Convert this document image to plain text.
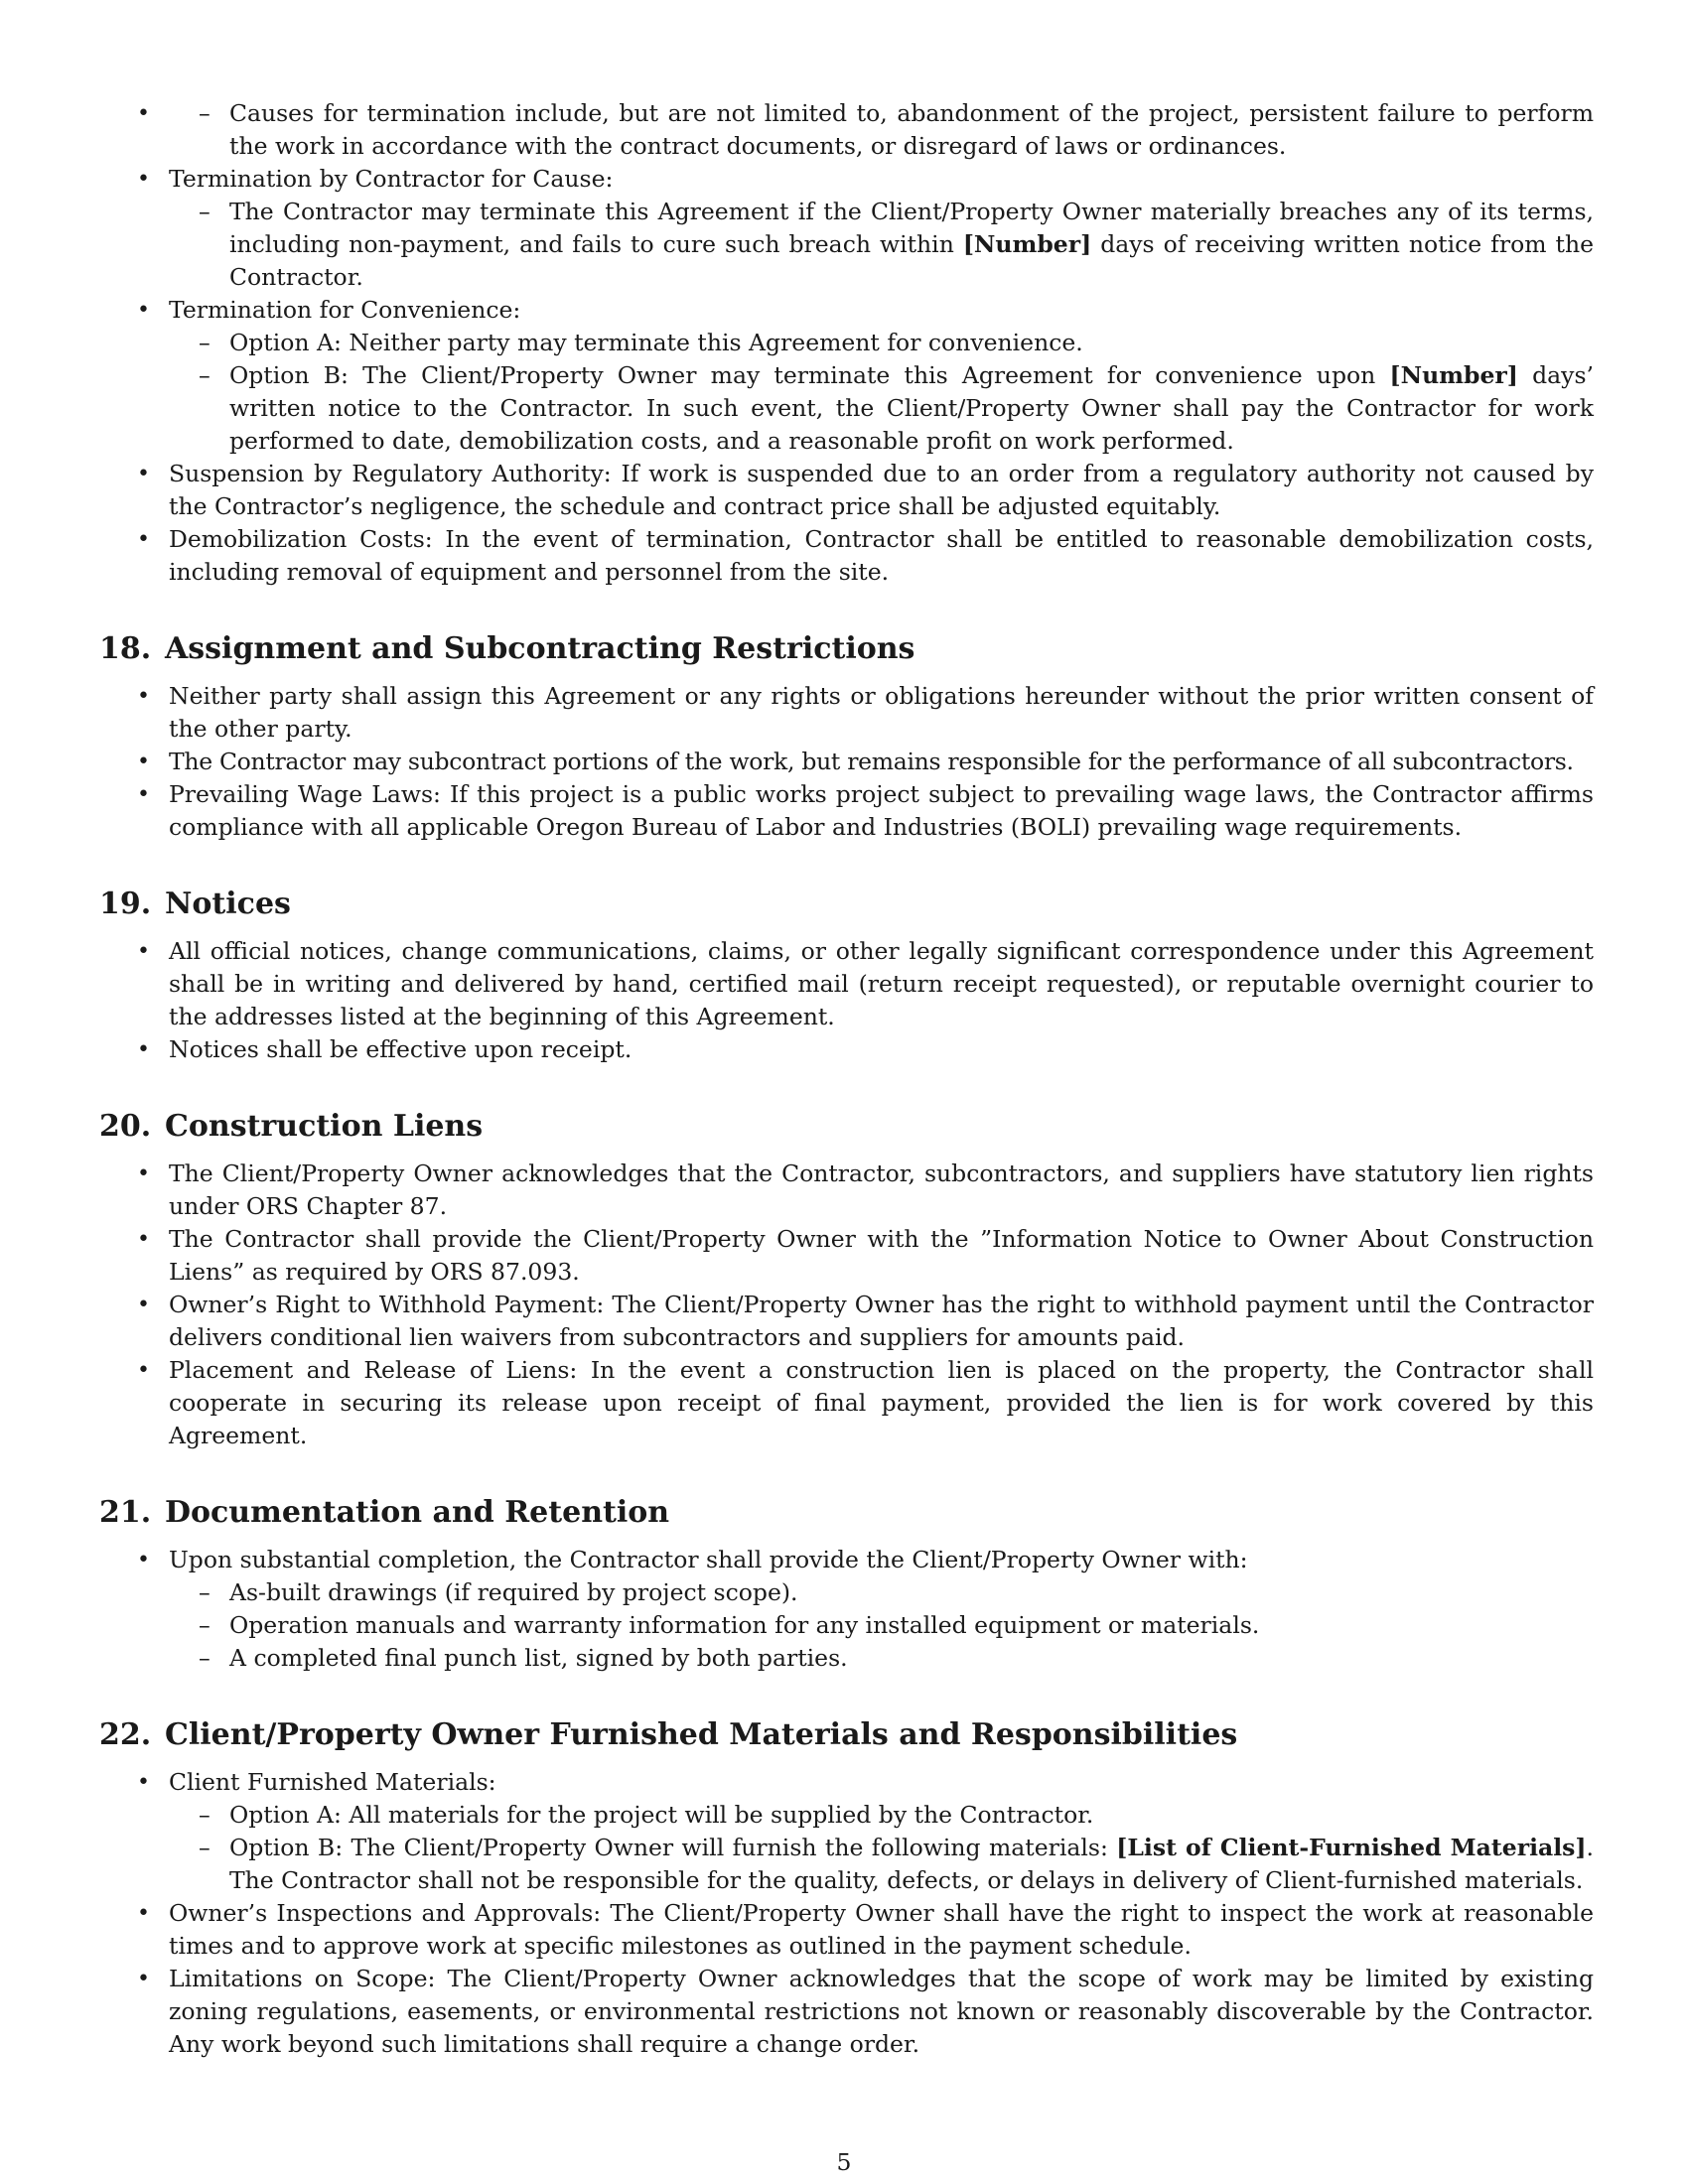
– • Causes for termination include, but are not limited to, abandonment of the project, persistent failure to perform the work in accordance with the contract documents, or disregard of laws or ordinances.
• Termination by Contractor for Cause:
– The Contractor may terminate this Agreement if the Client/Property Owner materially breaches any of its terms, including non-payment, and fails to cure such breach within [Number] days of receiving written notice from the Contractor.
• Termination for Convenience:
– Option A: Neither party may terminate this Agreement for convenience.
– Option B: The Client/Property Owner may terminate this Agreement for convenience upon [Number] days’ written notice to the Contractor. In such event, the Client/Property Owner shall pay the Contractor for work performed to date, demobilization costs, and a reasonable profit on work performed.
• Suspension by Regulatory Authority: If work is suspended due to an order from a regulatory authority not caused by the Contractor’s negligence, the schedule and contract price shall be adjusted equitably.
• Demobilization Costs: In the event of termination, Contractor shall be entitled to reasonable demobilization costs, including removal of equipment and personnel from the site.
18. Assignment and Subcontracting Restrictions
• Neither party shall assign this Agreement or any rights or obligations hereunder without the prior written consent of the other party.
• The Contractor may subcontract portions of the work, but remains responsible for the performance of all subcontractors.
• Prevailing Wage Laws: If this project is a public works project subject to prevailing wage laws, the Contractor affirms compliance with all applicable Oregon Bureau of Labor and Industries (BOLI) prevailing wage requirements.
19. Notices
• All official notices, change communications, claims, or other legally significant correspondence under this Agreement shall be in writing and delivered by hand, certified mail (return receipt requested), or reputable overnight courier to the addresses listed at the beginning of this Agreement.
• Notices shall be effective upon receipt.
20. Construction Liens
• The Client/Property Owner acknowledges that the Contractor, subcontractors, and suppliers have statutory lien rights under ORS Chapter 87.
• The Contractor shall provide the Client/Property Owner with the ”Information Notice to Owner About Construction Liens” as required by ORS 87.093.
• Owner’s Right to Withhold Payment: The Client/Property Owner has the right to withhold payment until the Contractor delivers conditional lien waivers from subcontractors and suppliers for amounts paid.
• Placement and Release of Liens: In the event a construction lien is placed on the property, the Contractor shall cooperate in securing its release upon receipt of final payment, provided the lien is for work covered by this Agreement.
21. Documentation and Retention
• Upon substantial completion, the Contractor shall provide the Client/Property Owner with:
– As-built drawings (if required by project scope).
– Operation manuals and warranty information for any installed equipment or materials.
– A completed final punch list, signed by both parties.
22. Client/Property Owner Furnished Materials and Responsibilities
• Client Furnished Materials:
– Option A: All materials for the project will be supplied by the Contractor.
– Option B: The Client/Property Owner will furnish the following materials: [List of Client-Furnished Materials]. The Contractor shall not be responsible for the quality, defects, or delays in delivery of Client-furnished materials.
• Owner’s Inspections and Approvals: The Client/Property Owner shall have the right to inspect the work at reasonable times and to approve work at specific milestones as outlined in the payment schedule.
• Limitations on Scope: The Client/Property Owner acknowledges that the scope of work may be limited by existing zoning regulations, easements, or environmental restrictions not known or reasonably discoverable by the Contractor. Any work beyond such limitations shall require a change order.
5
